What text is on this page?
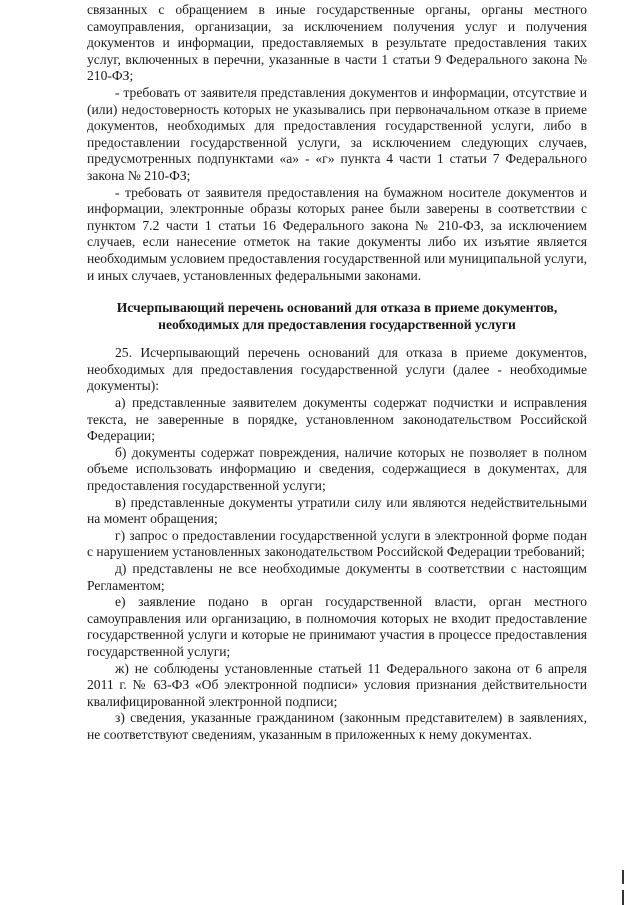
связанных с обращением в иные государственные органы, органы местного самоуправления, организации, за исключением получения услуг и получения документов и информации, предоставляемых в результате предоставления таких услуг, включенных в перечни, указанные в части 1 статьи 9 Федерального закона № 210-ФЗ;

- требовать от заявителя представления документов и информации, отсутствие и (или) недостоверность которых не указывались при первоначальном отказе в приеме документов, необходимых для предоставления государственной услуги, либо в предоставлении государственной услуги, за исключением следующих случаев, предусмотренных подпунктами «а» - «г» пункта 4 части 1 статьи 7 Федерального закона № 210-ФЗ;

- требовать от заявителя предоставления на бумажном носителе документов и информации, электронные образы которых ранее были заверены в соответствии с пунктом 7.2 части 1 статьи 16 Федерального закона № 210-ФЗ, за исключением случаев, если нанесение отметок на такие документы либо их изъятие является необходимым условием предоставления государственной или муниципальной услуги, и иных случаев, установленных федеральными законами.

Исчерпывающий перечень оснований для отказа в приеме документов, необходимых для предоставления государственной услуги

25. Исчерпывающий перечень оснований для отказа в приеме документов, необходимых для предоставления государственной услуги (далее - необходимые документы):

а) представленные заявителем документы содержат подчистки и исправления текста, не заверенные в порядке, установленном законодательством Российской Федерации;

б) документы содержат повреждения, наличие которых не позволяет в полном объеме использовать информацию и сведения, содержащиеся в документах, для предоставления государственной услуги;

в) представленные документы утратили силу или являются недействительными на момент обращения;

г) запрос о предоставлении государственной услуги в электронной форме подан с нарушением установленных законодательством Российской Федерации требований;

д) представлены не все необходимые документы в соответствии с настоящим Регламентом;

е) заявление подано в орган государственной власти, орган местного самоуправления или организацию, в полномочия которых не входит предоставление государственной услуги и которые не принимают участия в процессе предоставления государственной услуги;

ж) не соблюдены установленные статьей 11 Федерального закона от 6 апреля 2011 г. № 63-ФЗ «Об электронной подписи» условия признания действительности квалифицированной электронной подписи;

з) сведения, указанные гражданином (законным представителем) в заявлениях, не соответствуют сведениям, указанным в приложенных к нему документах.
